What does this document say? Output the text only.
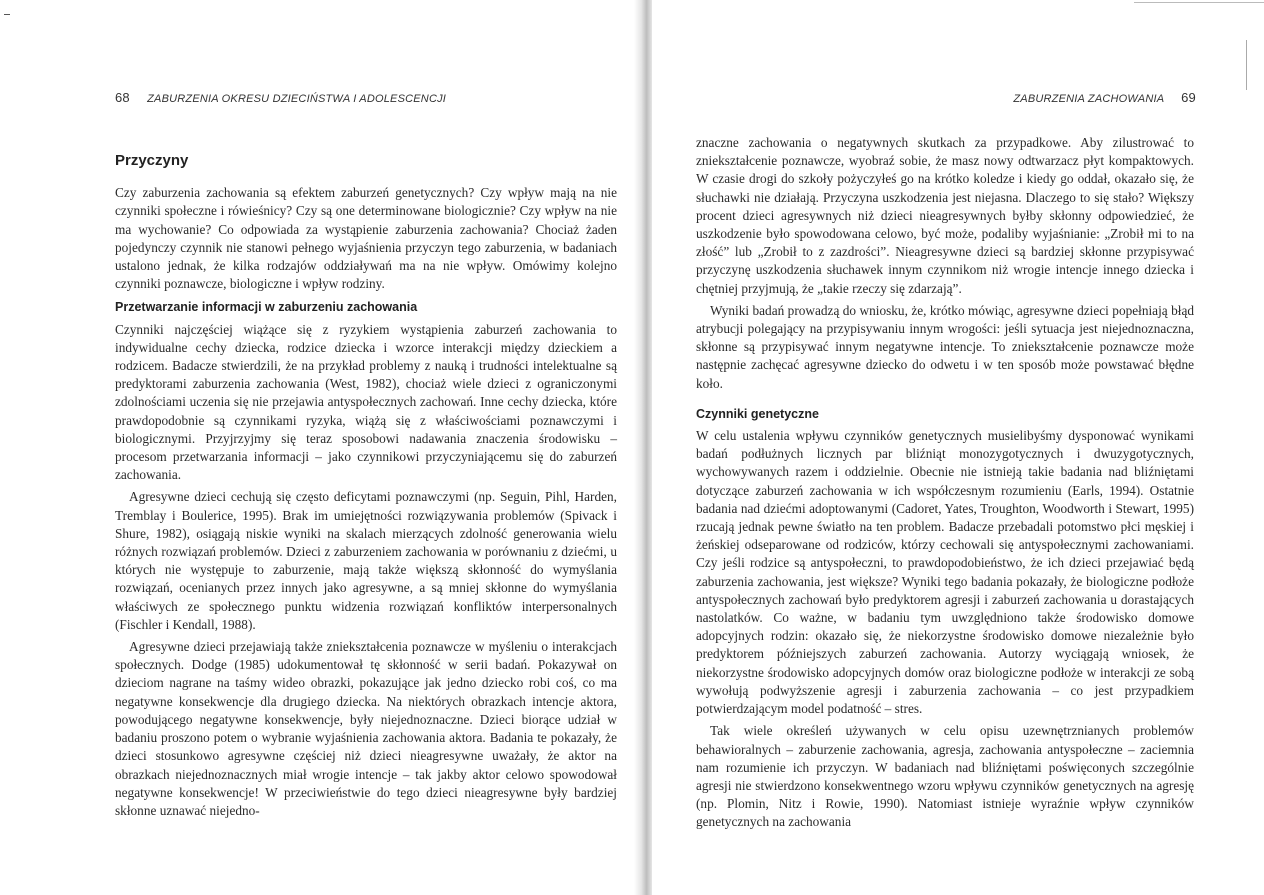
68 ZABURZENIA OKRESU DZIECIŃSTWA I ADOLESCENCJI
Przyczyny

Czy zaburzenia zachowania są efektem zaburzeń genetycznych? Czy wpływ mają na nie czynniki społeczne i rówieśnicy? Czy są one determinowane biologicznie? Czy wpływ na nie ma wychowanie? Co odpowiada za wystąpienie zaburzenia zachowania? Chociaż żaden pojedynczy czynnik nie stanowi pełnego wyjaśnienia przyczyn tego zaburzenia, w badaniach ustalono jednak, że kilka rodzajów oddziaływań ma na nie wpływ. Omówimy kolejno czynniki poznawcze, biologiczne i wpływ rodziny.

Przetwarzanie informacji w zaburzeniu zachowania

Czynniki najczęściej wiążące się z ryzykiem wystąpienia zaburzeń zachowania to indywidualne cechy dziecka, rodzice dziecka i wzorce interakcji między dzieckiem a rodzicem. Badacze stwierdzili, że na przykład problemy z nauką i trudności intelektualne są predyktorami zaburzenia zachowania (West, 1982), chociaż wiele dzieci z ograniczonymi zdolnościami uczenia się nie przejawia antyspołecznych zachowań. Inne cechy dziecka, które prawdopodobnie są czynnikami ryzyka, wiążą się z właściwościami poznawczymi i biologicznymi. Przyjrzyjmy się teraz sposobowi nadawania znaczenia środowisku – procesom przetwarzania informacji – jako czynnikowi przyczyniającemu się do zaburzeń zachowania.

Agresywne dzieci cechują się często deficytami poznawczymi (np. Seguin, Pihl, Harden, Tremblay i Boulerice, 1995). Brak im umiejętności rozwiązywania problemów (Spivack i Shure, 1982), osiągają niskie wyniki na skalach mierzących zdolność generowania wielu różnych rozwiązań problemów. Dzieci z zaburzeniem zachowania w porównaniu z dziećmi, u których nie występuje to zaburzenie, mają także większą skłonność do wymyślania rozwiązań, ocenianych przez innych jako agresywne, a są mniej skłonne do wymyślania właściwych ze społecznego punktu widzenia rozwiązań konfliktów interpersonalnych (Fischler i Kendall, 1988).

Agresywne dzieci przejawiają także zniekształcenia poznawcze w myśleniu o interakcjach społecznych. Dodge (1985) udokumentował tę skłonność w serii badań. Pokazywał on dzieciom nagrane na taśmy wideo obrazki, pokazujące jak jedno dziecko robi coś, co ma negatywne konsekwencje dla drugiego dziecka. Na niektórych obrazkach intencje aktora, powodującego negatywne konsekwencje, były niejednoznaczne. Dzieci biorące udział w badaniu proszono potem o wybranie wyjaśnienia zachowania aktora. Badania te pokazały, że dzieci stosunkowo agresywne częściej niż dzieci nieagresywne uważały, że aktor na obrazkach niejednoznacznych miał wrogie intencje – tak jakby aktor celowo spowodował negatywne konsekwencje! W przeciwieństwie do tego dzieci nieagresywne były bardziej skłonne uznawać niejedno-

ZABURZENIA ZACHOWANIA 69

znaczne zachowania o negatywnych skutkach za przypadkowe. Aby zilustrować to zniekształcenie poznawcze, wyobraź sobie, że masz nowy odtwarzacz płyt kompaktowych. W czasie drogi do szkoły pożyczyłeś go na krótko koledze i kiedy go oddał, okazało się, że słuchawki nie działają. Przyczyna uszkodzenia jest niejasna. Dlaczego to się stało? Większy procent dzieci agresywnych niż dzieci nieagresywnych byłby skłonny odpowiedzieć, że uszkodzenie było spowodowana celowo, być może, podaliby wyjaśnianie: „Zrobił mi to na złość” lub „Zrobił to z zazdrości”. Nieagresywne dzieci są bardziej skłonne przypisywać przyczynę uszkodzenia słuchawek innym czynnikom niż wrogie intencje innego dziecka i chętniej przyjmują, że „takie rzeczy się zdarzają”.

Wyniki badań prowadzą do wniosku, że, krótko mówiąc, agresywne dzieci popełniają błąd atrybucji polegający na przypisywaniu innym wrogości: jeśli sytuacja jest niejednoznaczna, skłonne są przypisywać innym negatywne intencje. To zniekształcenie poznawcze może następnie zachęcać agresywne dziecko do odwetu i w ten sposób może powstawać błędne koło.

Czynniki genetyczne

W celu ustalenia wpływu czynników genetycznych musielibyśmy dysponować wynikami badań podłużnych licznych par bliźniąt monozygotycznych i dwuzygotycznych, wychowywanych razem i oddzielnie. Obecnie nie istnieją takie badania nad bliźniętami dotyczące zaburzeń zachowania w ich współczesnym rozumieniu (Earls, 1994). Ostatnie badania nad dziećmi adoptowanymi (Cadoret, Yates, Troughton, Woodworth i Stewart, 1995) rzucają jednak pewne światło na ten problem. Badacze przebadali potomstwo płci męskiej i żeńskiej odseparowane od rodziców, którzy cechowali się antyspołecznymi zachowaniami. Czy jeśli rodzice są antyspołeczni, to prawdopodobieństwo, że ich dzieci przejawiać będą zaburzenia zachowania, jest większe? Wyniki tego badania pokazały, że biologiczne podłoże antyspołecznych zachowań było predyktorem agresji i zaburzeń zachowania u dorastających nastolatków. Co ważne, w badaniu tym uwzględniono także środowisko domowe adopcyjnych rodzin: okazało się, że niekorzystne środowisko domowe niezależnie było predyktorem późniejszych zaburzeń zachowania. Autorzy wyciągają wniosek, że niekorzystne środowisko adopcyjnych domów oraz biologiczne podłoże w interakcji ze sobą wywołują podwyższenie agresji i zaburzenia zachowania – co jest przypadkiem potwierdzającym model podatność – stres.

Tak wiele określeń używanych w celu opisu uzewnętrznianych problemów behawioralnych – zaburzenie zachowania, agresja, zachowania antyspołeczne – zaciemnia nam rozumienie ich przyczyn. W badaniach nad bliźniętami poświęconych szczególnie agresji nie stwierdzono konsekwentnego wzoru wpływu czynników genetycznych na agresję (np. Plomin, Nitz i Rowie, 1990). Natomiast istnieje wyraźnie wpływ czynników genetycznych na zachowania
